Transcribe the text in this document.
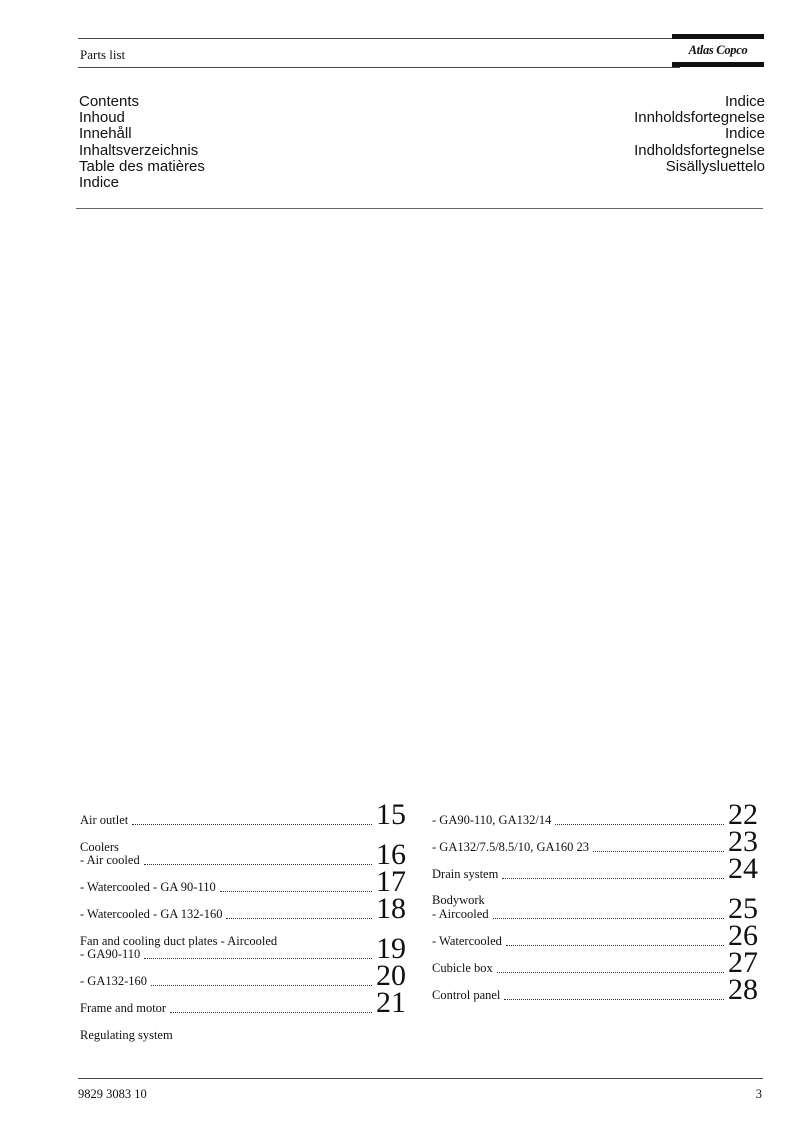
Parts list	Atlas Copco
Contents
Inhoud
Innehåll
Inhaltsverzeichnis
Table des matières
Indice
Indice
Innholdsfortegnelse
Indice
Indholdsfortegnelse
Sisällysluettelo
Air outlet	15
Coolers
- Air cooled	16
- Watercooled - GA 90-110	17
- Watercooled - GA 132-160	18
Fan and cooling duct plates - Aircooled
- GA90-110	19
- GA132-160	20
Frame and motor	21
Regulating system
- GA90-110, GA132/14	22
- GA132/7.5/8.5/10, GA160 23	23
Drain system	24
Bodywork
- Aircooled	25
- Watercooled	26
Cubicle box	27
Control panel	28
9829 3083 10	3
